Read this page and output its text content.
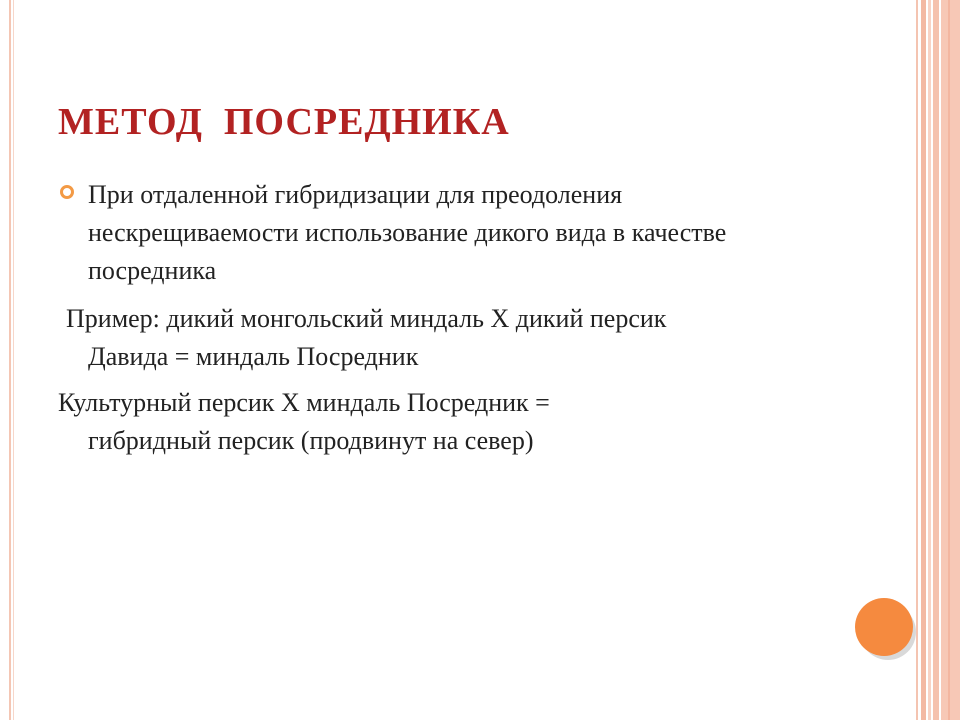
МЕТОД  ПОСРЕДНИКА

При отдаленной гибридизации для преодоления нескрещиваемости использование дикого вида в качестве посредника

Пример: дикий монгольский миндаль Х дикий персик
Давида = миндаль Посредник

Культурный персик Х миндаль Посредник =
гибридный персик (продвинут на север)
